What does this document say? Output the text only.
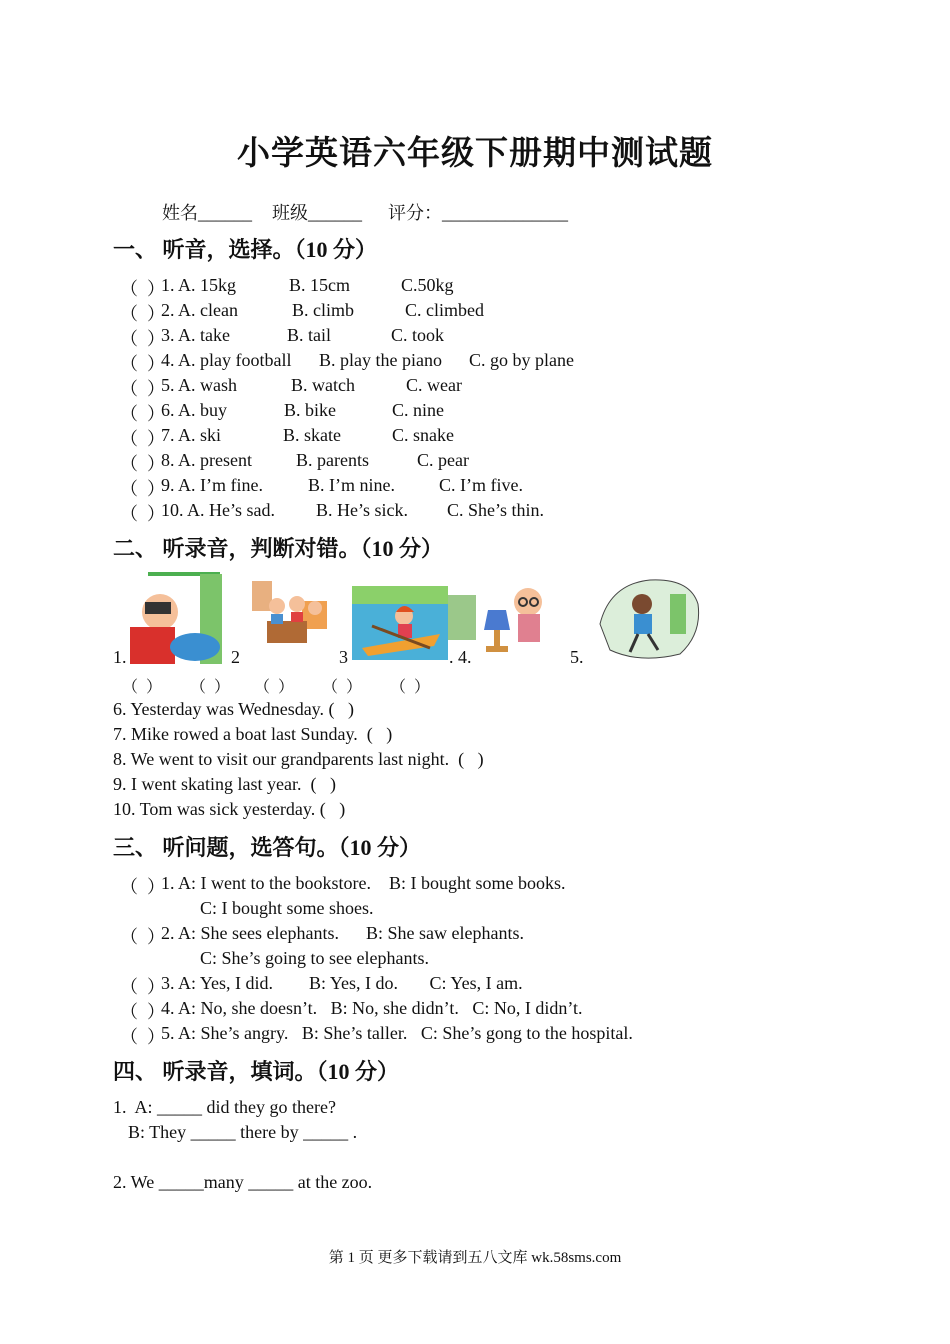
小学英语六年级下册期中测试题
姓名______ 班级______ 评分：______________
一、 听音，选择。（10 分）
（  ）
1. A. 15kg	B. 15cm	C.50kg
（  ）
2. A. clean	B. climb	C. climbed
（  ）
3. A. take	B. tail	C. took
（  ）
4. A. play football B. play the piano C. go by plane
（  ）
5. A. wash	B. watch	C. wear
（  ）
6. A. buy	B. bike	C. nine
（  ）
7. A. ski	B. skate	C. snake
（  ）
8. A. present B. parents	C. pear
（  ）
9. A. I’m fine.	B. I’m nine. C. I’m five.
（  ）
10. A. He’s sad. B. He’s sick. C. She’s thin.
二、 听录音，判断对错。（10 分）
1.	2	3	. 4.	5.
（  ）       （  ）      （  ）       （  ）       （  ）
6. Yesterday was Wednesday. (   )
7. Mike rowed a boat last Sunday.  (   )
8. We went to visit our grandparents last night.  (   )
9. I went skating last year.  (   )
10. Tom was sick yesterday. (   )
三、 听问题，选答句。（10 分）
（  ）
1. A: I went to the bookstore.    B: I bought some books.
C: I bought some shoes.
（  ）
2. A: She sees elephants.      B: She saw elephants.
C: She’s going to see elephants.
（  ）
3. A: Yes, I did.        B: Yes, I do.       C: Yes, I am.
（  ）
4. A: No, she doesn’t.   B: No, she didn’t.   C: No, I didn’t.
（  ）
5. A: She’s angry.   B: She’s taller.   C: She’s gong to the hospital.
四、 听录音，填词。（10 分）
1.  A: _____ did they go there?
B: They _____ there by _____ .
2. We _____many _____ at the zoo.
第 1 页 更多下载请到五八文库 wk.58sms.com
